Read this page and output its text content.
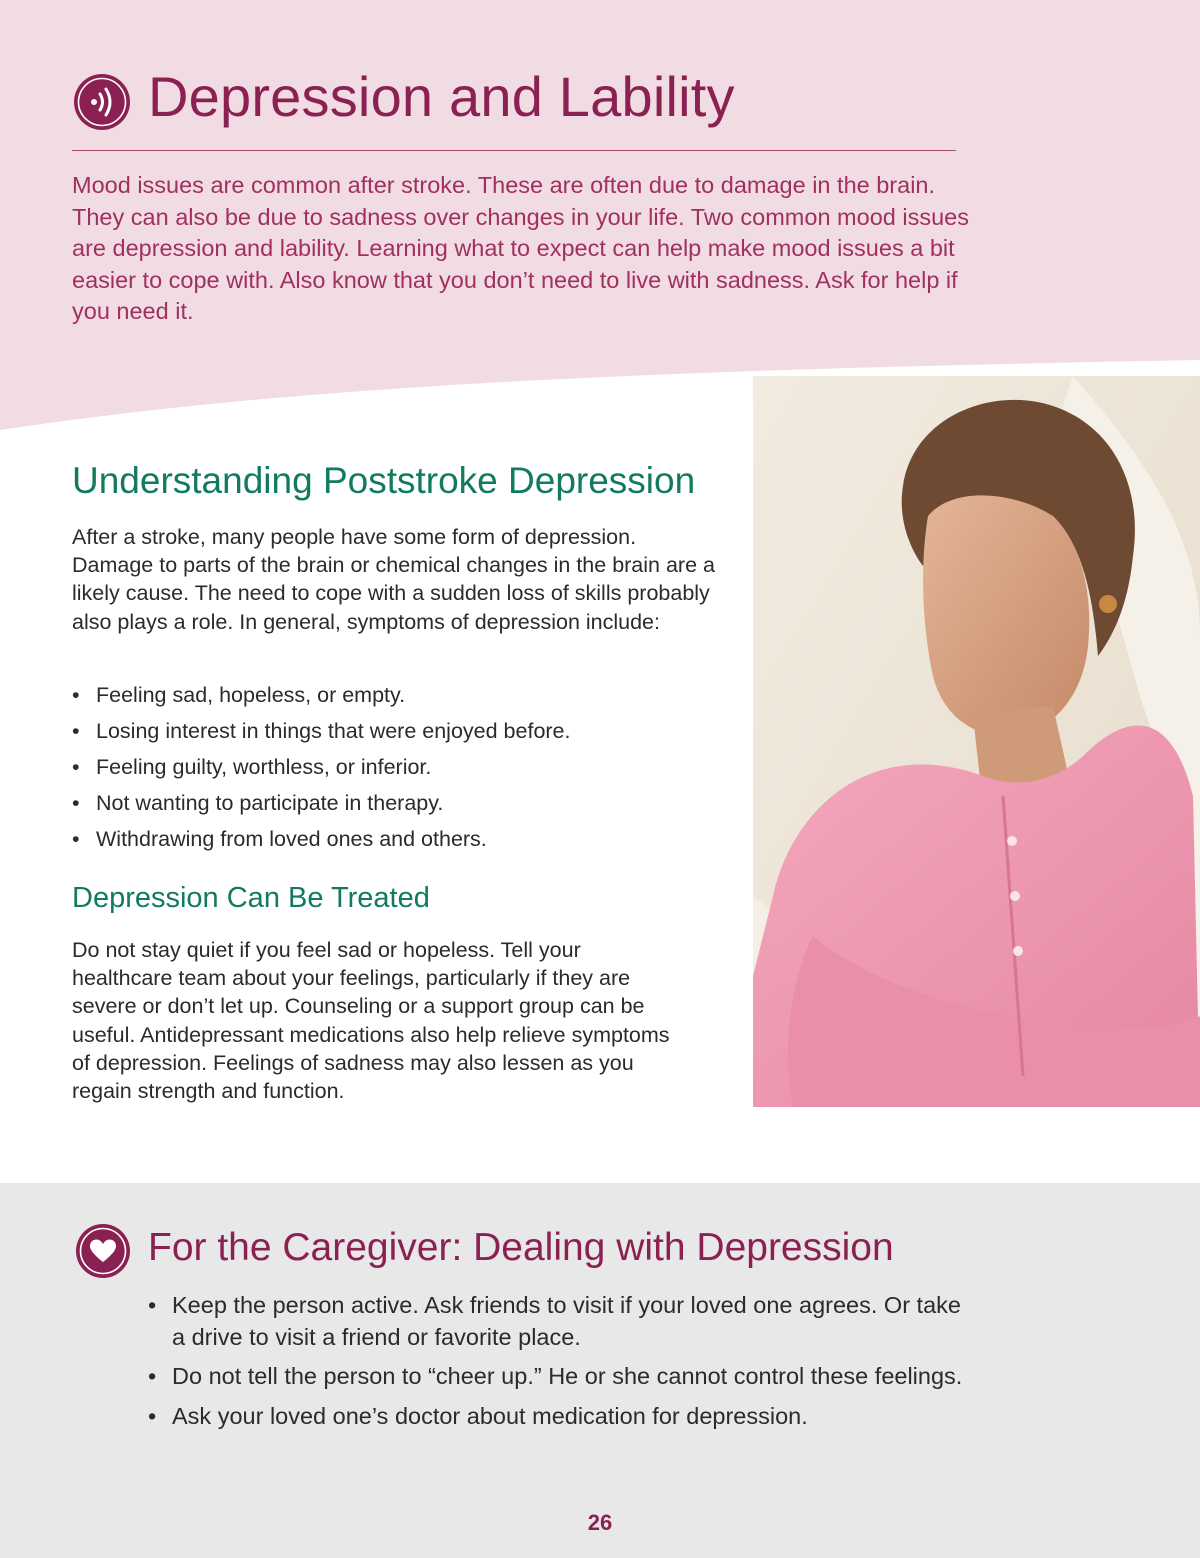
Depression and Lability

Mood issues are common after stroke. These are often due to damage in the brain. They can also be due to sadness over changes in your life. Two common mood issues are depression and lability. Learning what to expect can help make mood issues a bit easier to cope with. Also know that you don’t need to live with sadness. Ask for help if you need it.

Understanding Poststroke Depression

After a stroke, many people have some form of depression. Damage to parts of the brain or chemical changes in the brain are a likely cause. The need to cope with a sudden loss of skills probably also plays a role. In general, symptoms of depression include:

• Feeling sad, hopeless, or empty.
• Losing interest in things that were enjoyed before.
• Feeling guilty, worthless, or inferior.
• Not wanting to participate in therapy.
• Withdrawing from loved ones and others.
Depression Can Be Treated

Do not stay quiet if you feel sad or hopeless. Tell your healthcare team about your feelings, particularly if they are severe or don’t let up. Counseling or a support group can be useful. Antidepressant medications also help relieve symptoms of depression. Feelings of sadness may also lessen as you regain strength and function.

For the Caregiver: Dealing with Depression
• Keep the person active. Ask friends to visit if your loved one agrees. Or take a drive to visit a friend or favorite place.
• Do not tell the person to “cheer up.” He or she cannot control these feelings.
• Ask your loved one’s doctor about medication for depression.
26
